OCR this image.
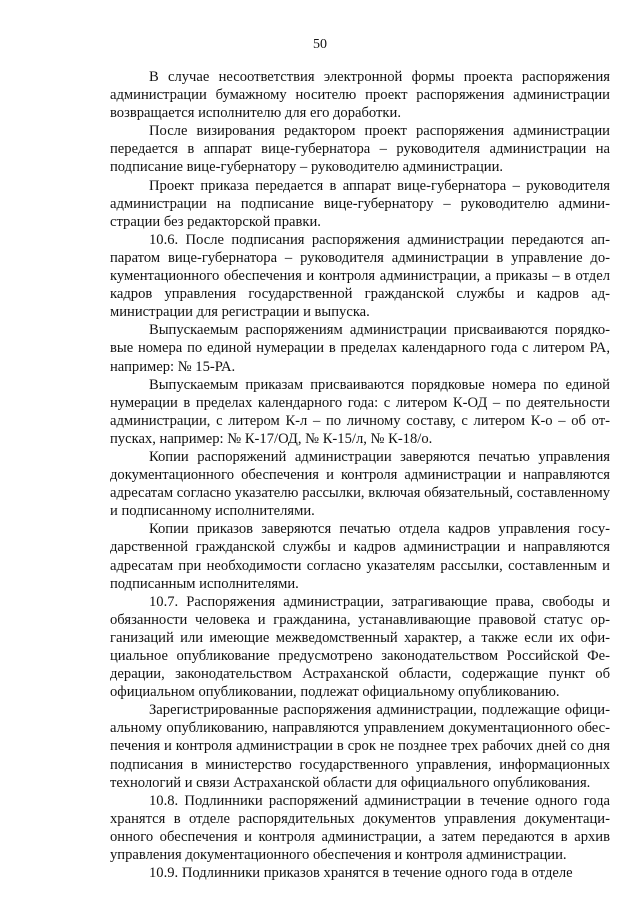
50

В случае несоответствия электронной формы проекта распоряжения администрации бумажному носителю проект распоряжения администрации возвращается исполнителю для его доработки.

После визирования редактором проект распоряжения администрации передается в аппарат вице-губернатора – руководителя администрации на подписание вице-губернатору – руководителю администрации.

Проект приказа передается в аппарат вице-губернатора – руководителя администрации на подписание вице-губернатору – руководителю администрации без редакторской правки.

10.6. После подписания распоряжения администрации передаются аппаратом вице-губернатора – руководителя администрации в управление документационного обеспечения и контроля администрации, а приказы – в отдел кадров управления государственной гражданской службы и кадров администрации для регистрации и выпуска.

Выпускаемым распоряжениям администрации присваиваются порядковые номера по единой нумерации в пределах календарного года с литером РА, например: № 15-РА.

Выпускаемым приказам присваиваются порядковые номера по единой нумерации в пределах календарного года: с литером К-ОД – по деятельности администрации, с литером К-л – по личному составу, с литером К-о – об отпусках, например: № К-17/ОД, № К-15/л, № К-18/о.

Копии распоряжений администрации заверяются печатью управления документационного обеспечения и контроля администрации и направляются адресатам согласно указателю рассылки, включая обязательный, составленному и подписанному исполнителями.

Копии приказов заверяются печатью отдела кадров управления государственной гражданской службы и кадров администрации и направляются адресатам при необходимости согласно указателям рассылки, составленным и подписанным исполнителями.

10.7. Распоряжения администрации, затрагивающие права, свободы и обязанности человека и гражданина, устанавливающие правовой статус организаций или имеющие межведомственный характер, а также если их официальное опубликование предусмотрено законодательством Российской Федерации, законодательством Астраханской области, содержащие пункт об официальном опубликовании, подлежат официальному опубликованию.

Зарегистрированные распоряжения администрации, подлежащие официальному опубликованию, направляются управлением документационного обеспечения и контроля администрации в срок не позднее трех рабочих дней со дня подписания в министерство государственного управления, информационных технологий и связи Астраханской области для официального опубликования.

10.8. Подлинники распоряжений администрации в течение одного года хранятся в отделе распорядительных документов управления документационного обеспечения и контроля администрации, а затем передаются в архив управления документационного обеспечения и контроля администрации.

10.9. Подлинники приказов хранятся в течение одного года в отделе
